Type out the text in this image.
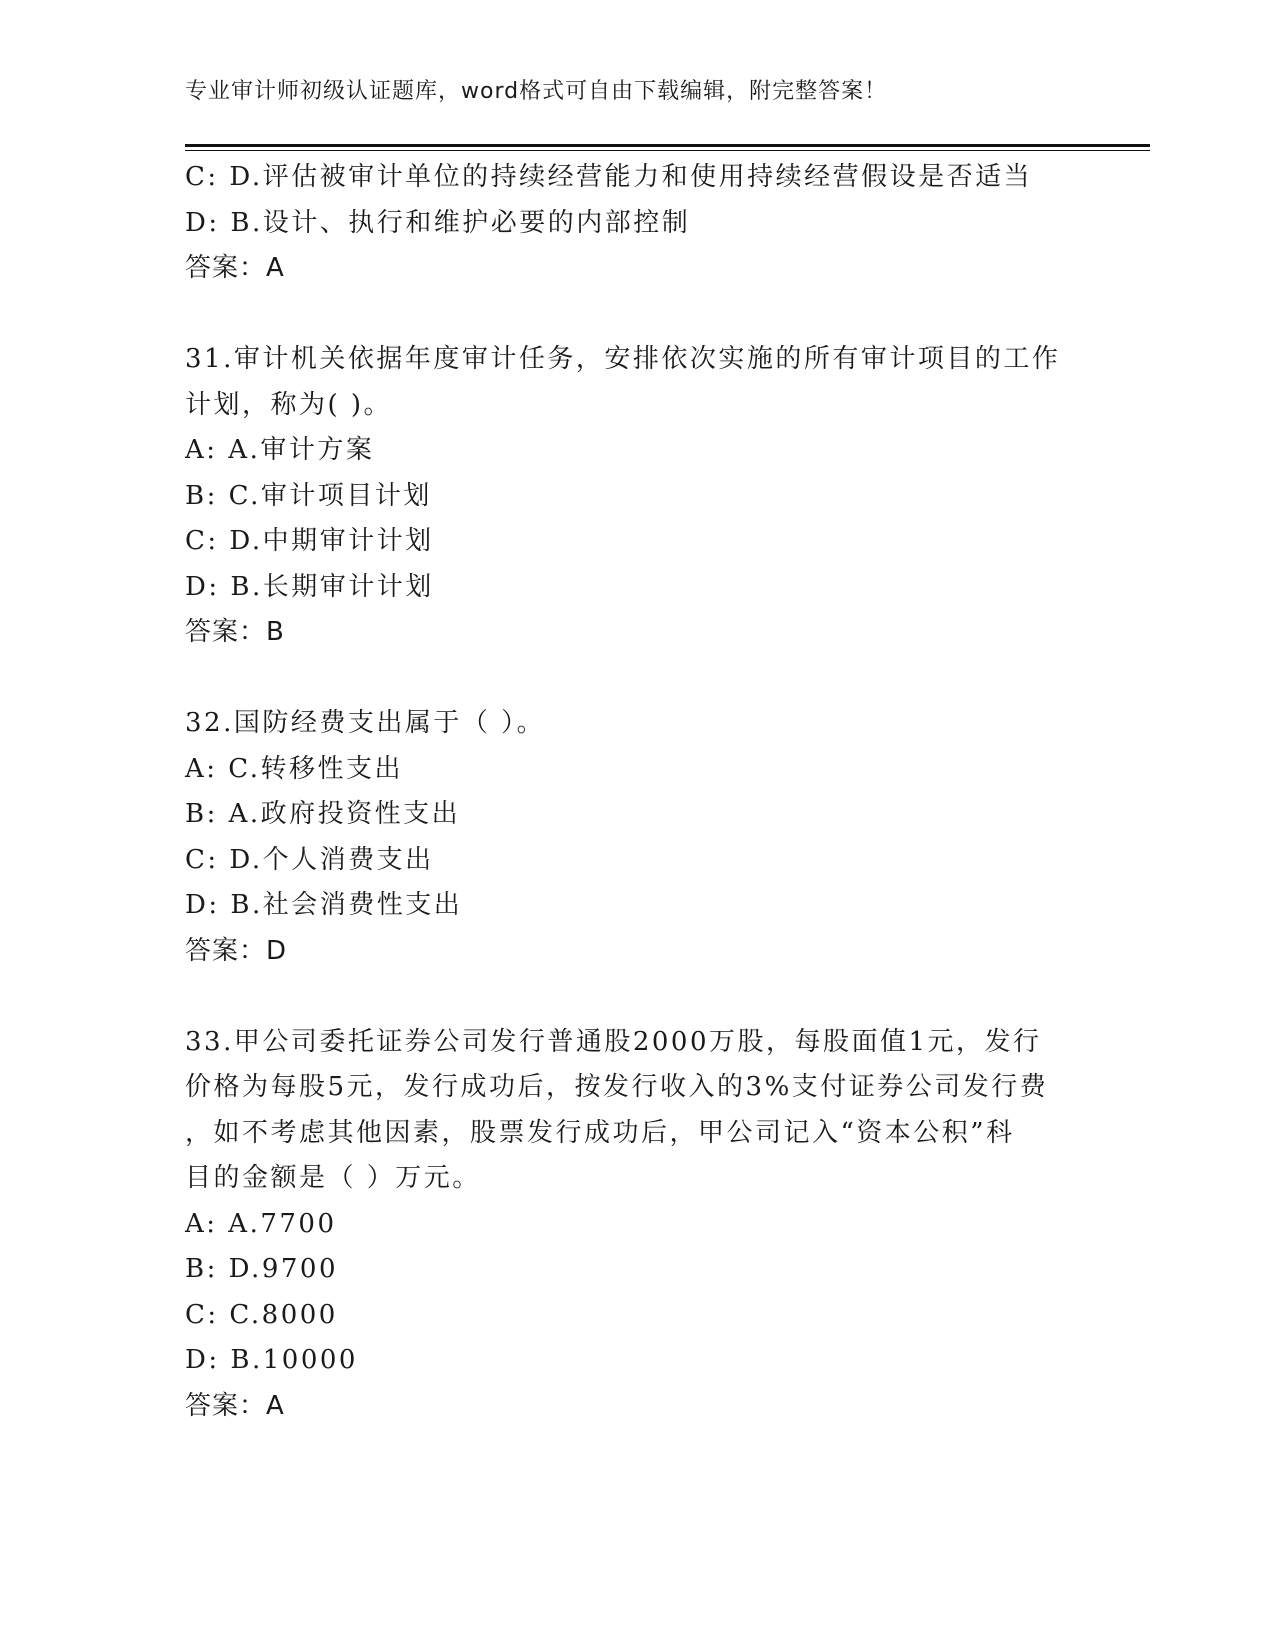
专业审计师初级认证题库，word格式可自由下载编辑，附完整答案！
C: D.评估被审计单位的持续经营能力和使用持续经营假设是否适当
D: B.设计、执行和维护必要的内部控制
答案：A
31.审计机关依据年度审计任务，安排依次实施的所有审计项目的工作
计划，称为( )。
A: A.审计方案
B: C.审计项目计划
C: D.中期审计计划
D: B.长期审计计划
答案：B
32.国防经费支出属于（ ）。
A: C.转移性支出
B: A.政府投资性支出
C: D.个人消费支出
D: B.社会消费性支出
答案：D
33.甲公司委托证券公司发行普通股2000万股，每股面值1元，发行
价格为每股5元，发行成功后，按发行收入的3%支付证券公司发行费
，如不考虑其他因素，股票发行成功后，甲公司记入“资本公积”科
目的金额是（ ）万元。
A: A.7700
B: D.9700
C: C.8000
D: B.10000
答案：A
